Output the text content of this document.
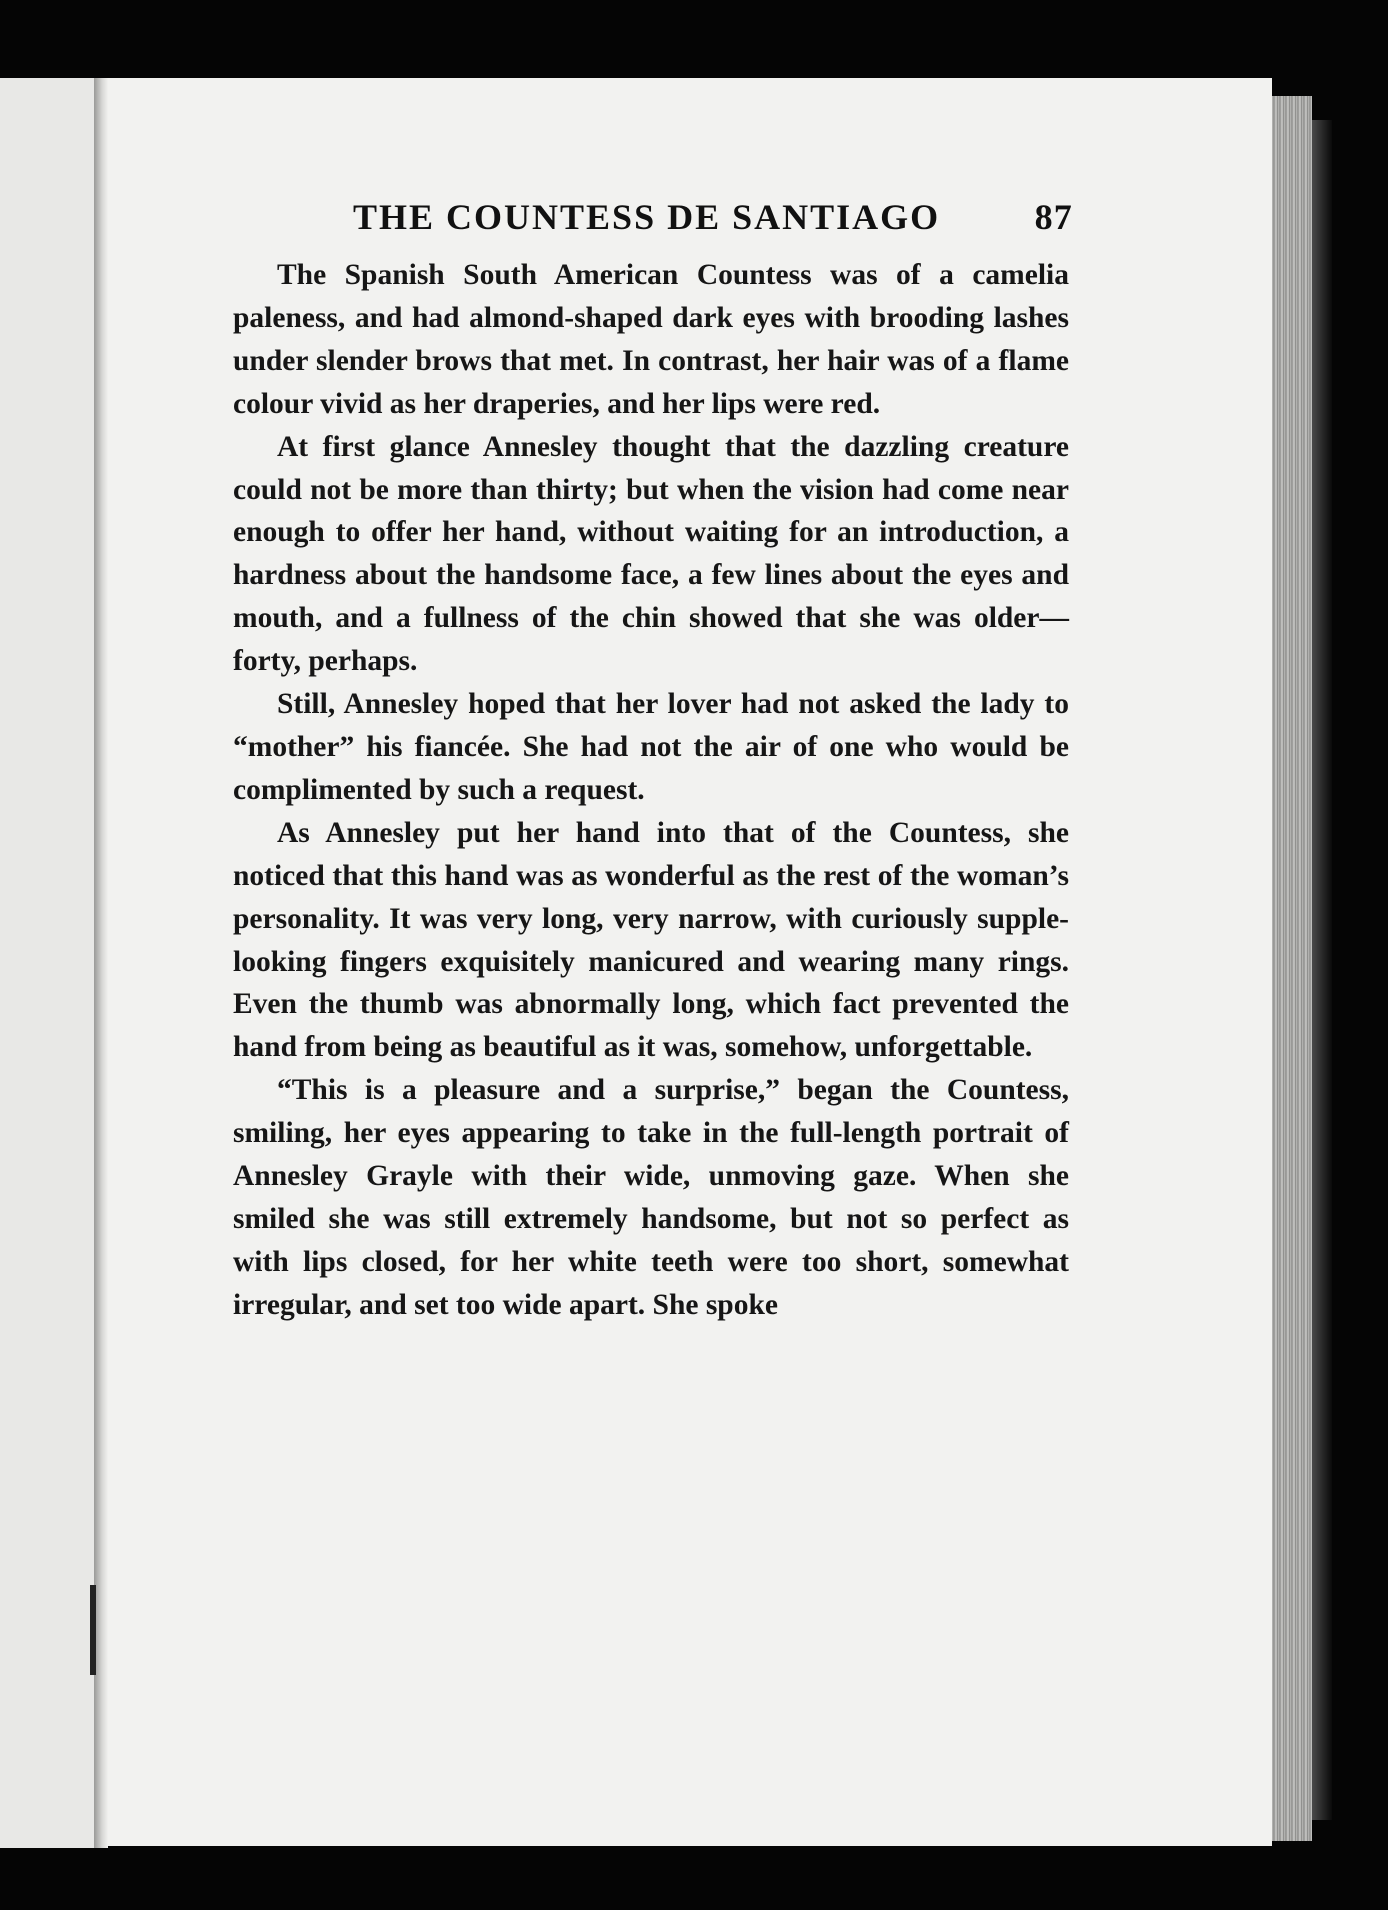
THE COUNTESS DE SANTIAGO	87

The Spanish South American Countess was of a camelia paleness, and had almond-shaped dark eyes with brooding lashes under slender brows that met. In contrast, her hair was of a flame colour vivid as her draperies, and her lips were red.

At first glance Annesley thought that the dazzling creature could not be more than thirty; but when the vision had come near enough to offer her hand, without waiting for an introduction, a hardness about the handsome face, a few lines about the eyes and mouth, and a fullness of the chin showed that she was older—forty, perhaps.

Still, Annesley hoped that her lover had not asked the lady to “mother” his fiancée. She had not the air of one who would be complimented by such a request.

As Annesley put her hand into that of the Countess, she noticed that this hand was as wonderful as the rest of the woman’s personality. It was very long, very narrow, with curiously supple-looking fingers exquisitely manicured and wearing many rings. Even the thumb was abnormally long, which fact prevented the hand from being as beautiful as it was, somehow, unforgettable.

“This is a pleasure and a surprise,” began the Countess, smiling, her eyes appearing to take in the full-length portrait of Annesley Grayle with their wide, unmoving gaze. When she smiled she was still extremely handsome, but not so perfect as with lips closed, for her white teeth were too short, somewhat irregular, and set too wide apart. She spoke
